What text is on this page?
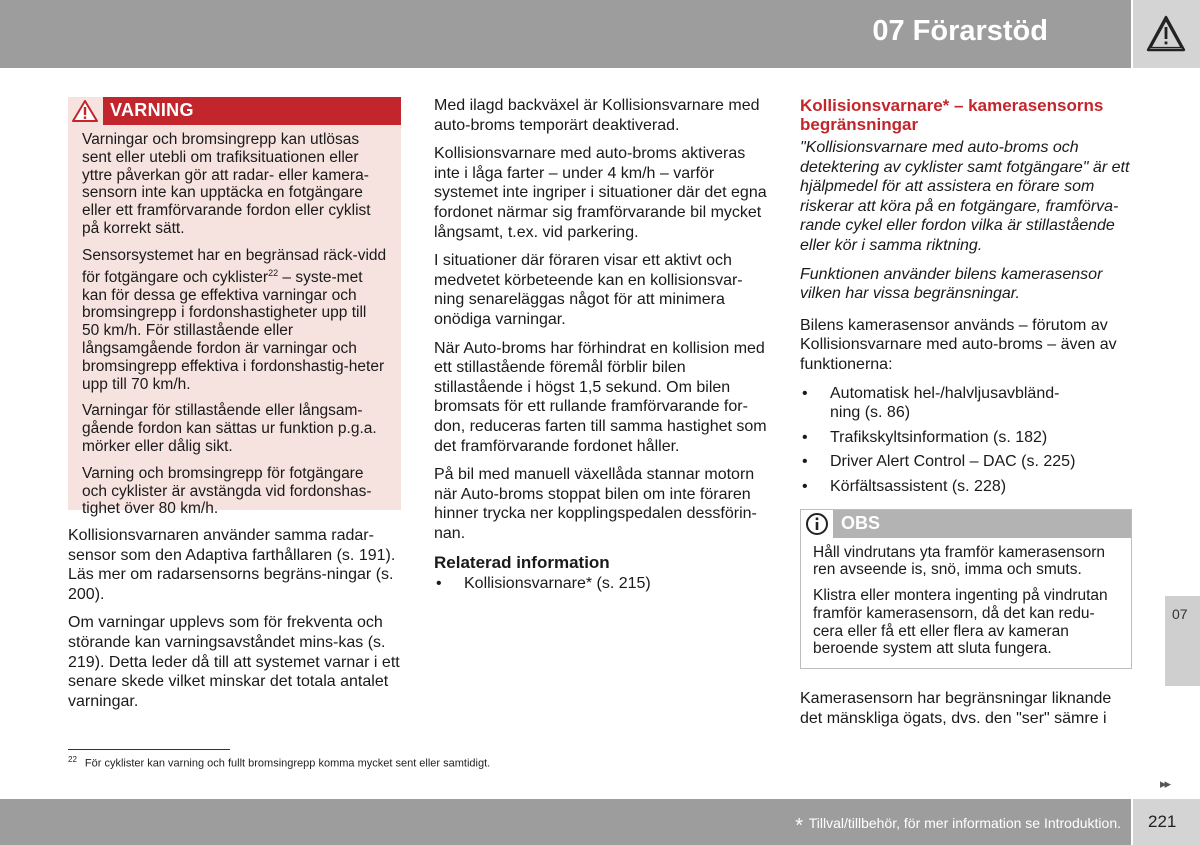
07 Förarstöd
VARNING

Varningar och bromsingrepp kan utlösas sent eller utebli om trafiksituationen eller yttre påverkan gör att radar- eller kamera-sensorn inte kan upptäcka en fotgängare eller ett framförvarande fordon eller cyklist på korrekt sätt.

Sensorsystemet har en begränsad räck-vidd för fotgängare och cyklister$^{22}$ – syste-met kan för dessa ge effektiva varningar och bromsingrepp i fordonshastigheter upp till 50 km/h. För stillastående eller långsamgående fordon är varningar och bromsingrepp effektiva i fordonshastig-heter upp till 70 km/h.

Varningar för stillastående eller långsam-gående fordon kan sättas ur funktion p.g.a. mörker eller dålig sikt.

Varning och bromsingrepp för fotgängare och cyklister är avstängda vid fordonshas-tighet över 80 km/h.

Kollisionsvarnaren använder samma radar-sensor som den Adaptiva farthållaren (s. 191). Läs mer om radarsensorns begräns-ningar (s. 200).

Om varningar upplevs som för frekventa och störande kan varningsavståndet mins-kas (s. 219). Detta leder då till att systemet varnar i ett senare skede vilket minskar det totala antalet varningar.

Med ilagd backväxel är Kollisionsvarnare med auto-broms temporärt deaktiverad.

Kollisionsvarnare med auto-broms aktiveras inte i låga farter – under 4 km/h – varför systemet inte ingriper i situationer där det egna fordonet närmar sig framförvarande bil mycket långsamt, t.ex. vid parkering.

I situationer där föraren visar ett aktivt och medvetet körbeteende kan en kollisionsvar-ning senareläggas något för att minimera onödiga varningar.

När Auto-broms har förhindrat en kollision med ett stillastående föremål förblir bilen stillastående i högst 1,5 sekund. Om bilen bromsats för ett rullande framförvarande for-don, reduceras farten till samma hastighet som det framförvarande fordonet håller.

På bil med manuell växellåda stannar motorn när Auto-broms stoppat bilen om inte föraren hinner trycka ner kopplingspedalen dessförin-nan.

Relaterad information
•	Kollisionsvarnare* (s. 215)
Kollisionsvarnare* – kamerasensorns begränsningar

"Kollisionsvarnare med auto-broms och detektering av cyklister samt fotgängare" är ett hjälpmedel för att assistera en förare som riskerar att köra på en fotgängare, framförva-rande cykel eller fordon vilka är stillastående eller kör i samma riktning.

Funktionen använder bilens kamerasensor vilken har vissa begränsningar.

Bilens kamerasensor används – förutom av Kollisionsvarnare med auto-broms – även av funktionerna:

•	Automatisk hel-/halvljusavbländ-ning (s. 86)
•	Trafikskyltsinformation (s. 182)
•	Driver Alert Control – DAC (s. 225)
•	Körfältsassistent (s. 228)
OBS

Håll vindrutans yta framför kamerasensorn ren avseende is, snö, imma och smuts.

Klistra eller montera ingenting på vindrutan framför kamerasensorn, då det kan redu-cera eller få ett eller flera av kameran beroende system att sluta fungera.

Kamerasensorn har begränsningar liknande det mänskliga ögats, dvs. den "ser" sämre i

07
$^{22}$ För cyklister kan varning och fullt bromsingrepp komma mycket sent eller samtidigt.
▸▸
* Tillval/tillbehör, för mer information se Introduktion. 221
